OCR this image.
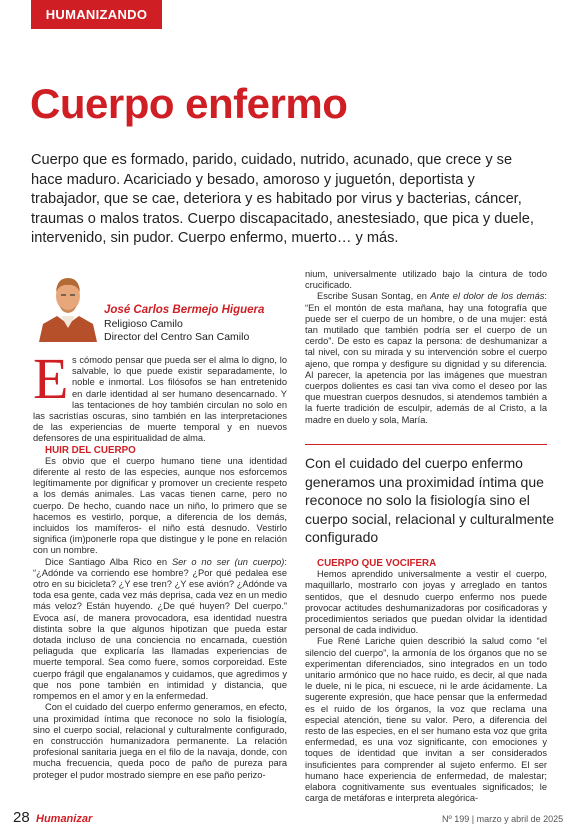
HUMANIZANDO
Cuerpo enfermo

Cuerpo que es formado, parido, cuidado, nutrido, acunado, que crece y se hace maduro. Acariciado y besado, amoroso y juguetón, deportista y trabajador, que se cae, deteriora y es habitado por virus y bacterias, cáncer, traumas o malos tratos. Cuerpo discapacitado, anestesiado, que pica y duele, intervenido, sin pudor. Cuerpo enfermo, muerto… y más.

José Carlos Bermejo Higuera

Religioso Camilo

Director del Centro San Camilo

Es cómodo pensar que pueda ser el alma lo digno, lo salvable, lo que puede existir separadamente, lo noble e inmortal. Los filósofos se han entretenido en darle identidad al ser humano desencarnado. Y las tentaciones de hoy también circulan no solo en las sacristías oscuras, sino también en las interpretaciones de las experiencias de muerte temporal y en nuevos defensores de una espiritualidad de alma.

HUIR DEL CUERPO

Es obvio que el cuerpo humano tiene una identidad diferente al resto de las especies, aunque nos esforcemos legítimamente por dignificar y promover un creciente respeto a los demás animales. Las vacas tienen carne, pero no cuerpo. De hecho, cuando nace un niño, lo primero que se hacemos es vestirlo, porque, a diferencia de los demás, incluidos los mamíferos- el niño está desnudo. Vestirlo significa (im)ponerle ropa que distingue y le pone en relación con un nombre.

Dice Santiago Alba Rico en Ser o no ser (un cuerpo): “¿Adónde va corriendo ese hombre? ¿Por qué pedalea ese otro en su bicicleta? ¿Y ese tren? ¿Y ese avión? ¿Adónde va toda esa gente, cada vez más deprisa, cada vez en un medio más veloz? Están huyendo. ¿De qué huyen? Del cuerpo.” Evoca así, de manera provocadora, esa identidad nuestra distinta sobre la que algunos hipotizan que pueda estar dotada incluso de una conciencia no encarnada, cuestión peliaguda que explicaría las llamadas experiencias de muerte temporal. Sea como fuere, somos corporeidad. Este cuerpo frágil que engalanamos y cuidamos, que agredimos y que nos pone también en intimidad y distancia, que rompemos en el amor y en la enfermedad.

Con el cuidado del cuerpo enfermo generamos, en efecto, una proximidad íntima que reconoce no solo la fisiología, sino el cuerpo social, relacional y culturalmente configurado, en construcción humanizadora permanente. La relación profesional sanitaria juega en el filo de la navaja, donde, con mucha frecuencia, queda poco de paño de pureza para proteger el pudor mostrado siempre en ese paño perizo-

nium, universalmente utilizado bajo la cintura de todo crucificado.

Escribe Susan Sontag, en Ante el dolor de los demás: “En el montón de esta mañana, hay una fotografía que puede ser el cuerpo de un hombre, o de una mujer: está tan mutilado que también podría ser el cuerpo de un cerdo”. De esto es capaz la persona: de deshumanizar a tal nivel, con su mirada y su intervención sobre el cuerpo ajeno, que rompa y desfigure su dignidad y su diferencia. Al parecer, la apetencia por las imágenes que muestran cuerpos dolientes es casi tan viva como el deseo por las que muestran cuerpos desnudos, si atendemos también a la fuerte tradición de esculpir, además de al Cristo, a la madre en duelo y sola, María.

Con el cuidado del cuerpo enfermo generamos una proximidad íntima que reconoce no solo la fisiología sino el cuerpo social, relacional y culturalmente configurado

CUERPO QUE VOCIFERA

Hemos aprendido universalmente a vestir el cuerpo, maquillarlo, mostrarlo con joyas y arreglado en tantos sentidos, que el desnudo cuerpo enfermo nos puede provocar actitudes deshumanizadoras por cosificadoras y procedimientos seriados que puedan olvidar la identidad personal de cada individuo.

Fue René Lariche quien describió la salud como “el silencio del cuerpo”, la armonía de los órganos que no se experimentan diferenciados, sino integrados en un todo unitario armónico que no hace ruido, es decir, al que nada le duele, ni le pica, ni escuece, ni le arde ácidamente. La sugerente expresión, que hace pensar que la enfermedad es el ruido de los órganos, la voz que reclama una especial atención, tiene su valor. Pero, a diferencia del resto de las especies, en el ser humano esta voz que grita enfermedad, es una voz significante, con emociones y toques de identidad que invitan a ser considerados insuficientes para comprender al sujeto enfermo. El ser humano hace experiencia de enfermedad, de malestar; elabora cognitivamente sus eventuales significados; le carga de metáforas e interpreta alegórica-

28 Humanizar	Nº 199 | marzo y abril de 2025
